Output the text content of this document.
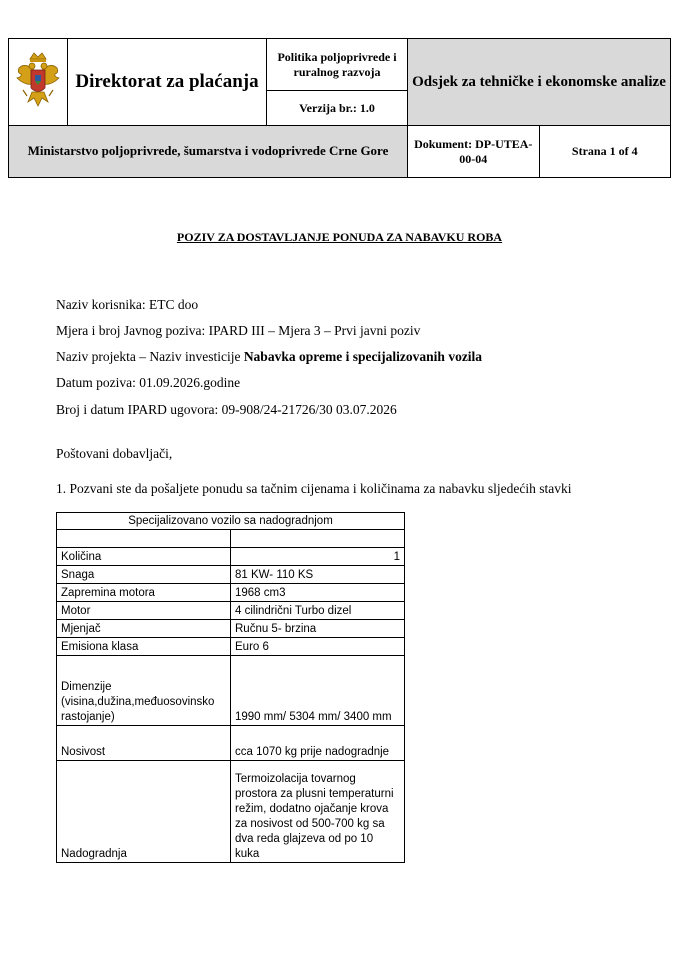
	Direktorat za plaćanja	Politika poljoprivrede i ruralnog razvoja
Verzija br.: 1.0	Odsjek za tehničke i ekonomske analize	
Ministarstvo poljoprivrede, šumarstva i vodoprivrede Crne Gore			Dokument: DP-UTEA-00-04	Strana 1 of 4
POZIV ZA DOSTAVLJANJE PONUDA ZA NABAVKU ROBA
Naziv korisnika: ETC doo
Mjera i broj Javnog poziva: IPARD III – Mjera 3 – Prvi javni poziv
Naziv projekta – Naziv investicije Nabavka opreme i specijalizovanih vozila
Datum poziva: 01.09.2026.godine
Broj i datum IPARD ugovora: 09-908/24-21726/30 03.07.2026
Poštovani dobavljači,
1. Pozvani ste da pošaljete ponudu sa tačnim cijenama i količinama za nabavku sljedećih stavki
Specijalizovano vozilo sa nadogradnjom	

Količina	1
Snaga	81 KW- 110 KS
Zapremina motora	1968 cm3
Motor	4 cilindrični Turbo dizel
Mjenjač	Ručnu 5- brzina
Emisiona klasa	Euro 6
Dimenzije (visina,dužina,međuosovinsko rastojanje)	1990 mm/ 5304 mm/ 3400 mm
Nosivost	cca 1070 kg prije nadogradnje
Nadogradnja	Termoizolacija tovarnog prostora za plusni temperaturni režim, dodatno ojačanje krova za nosivost od 500-700 kg sa dva reda glajzeva od po 10 kuka
